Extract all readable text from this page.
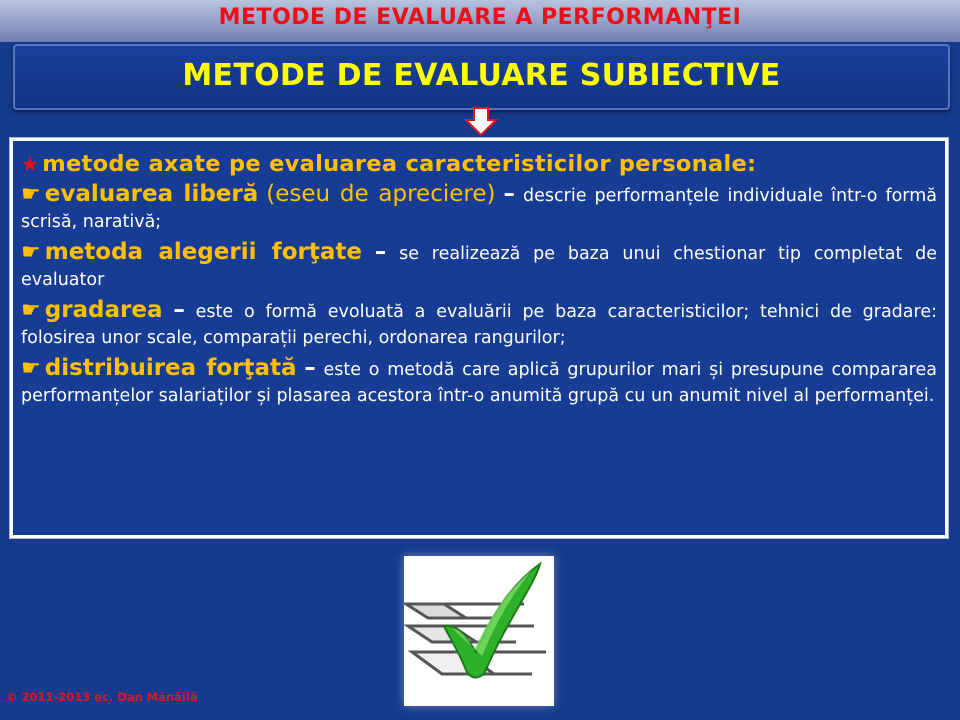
METODE DE EVALUARE A PERFORMANŢEI
METODE DE EVALUARE SUBIECTIVE

★ metode axate pe evaluarea caracteristicilor personale:

☛ evaluarea liberă (eseu de apreciere) – descrie performanțele individuale într-o formă scrisă, narativă;

☛ metoda alegerii forţate – se realizează pe baza unui chestionar tip completat de evaluator

☛ gradarea – este o formă evoluată a evaluării pe baza caracteristicilor; tehnici de gradare: folosirea unor scale, comparații perechi, ordonarea rangurilor;

☛ distribuirea forţată – este o metodă care aplică grupurilor mari și presupune compararea performanțelor salariaților și plasarea acestora într-o anumită grupă cu un anumit nivel al performanței.

© 2011-2013 ec. Dan Mănăilă
